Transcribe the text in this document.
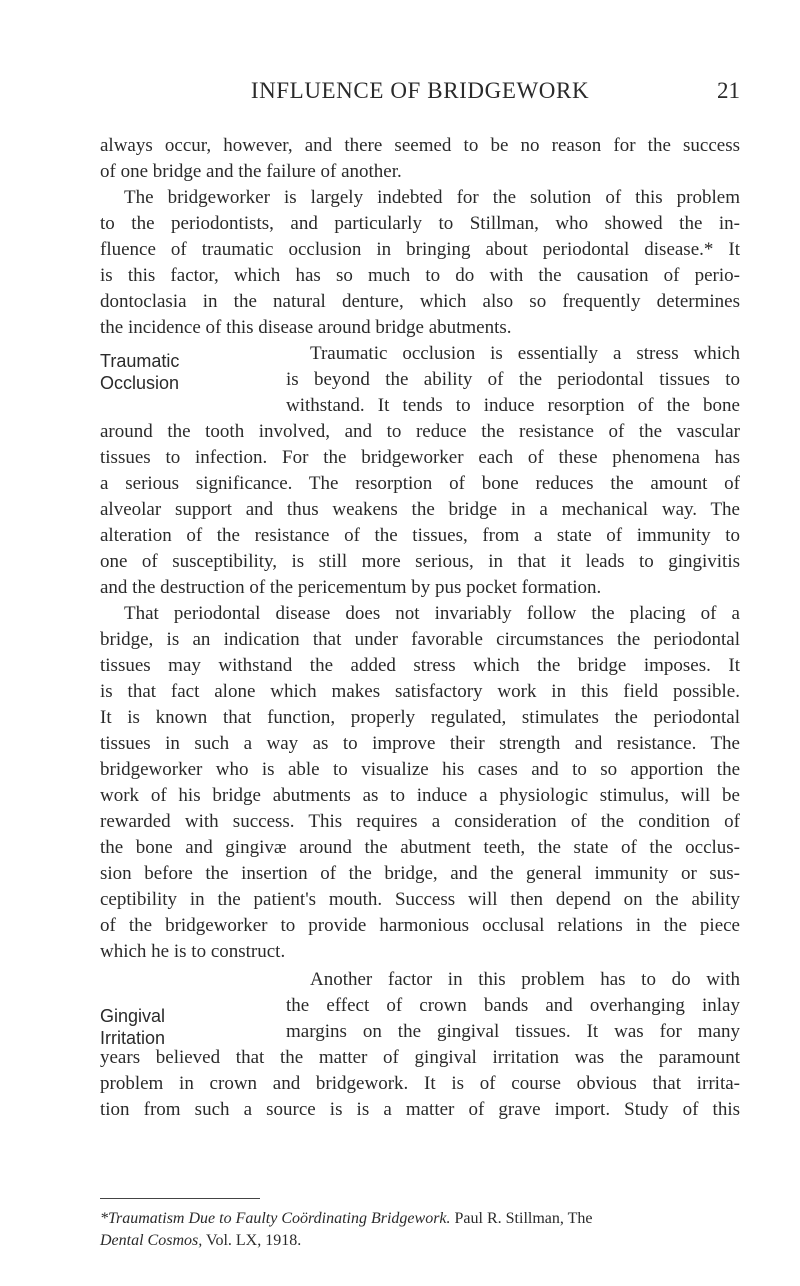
INFLUENCE OF BRIDGEWORK	21
always occur, however, and there seemed to be no reason for the success
of one bridge and the failure of another.
The bridgeworker is largely indebted for the solution of this problem
to the periodontists, and particularly to Stillman, who showed the in-
fluence of traumatic occlusion in bringing about periodontal disease.* It
is this factor, which has so much to do with the causation of perio-
dontoclasia in the natural denture, which also so frequently determines
the incidence of this disease around bridge abutments.
Traumatic
Occlusion
Traumatic occlusion is essentially a stress which
is beyond the ability of the periodontal tissues to
withstand. It tends to induce resorption of the bone
around the tooth involved, and to reduce the resistance of the vascular
tissues to infection. For the bridgeworker each of these phenomena has
a serious significance. The resorption of bone reduces the amount of
alveolar support and thus weakens the bridge in a mechanical way. The
alteration of the resistance of the tissues, from a state of immunity to
one of susceptibility, is still more serious, in that it leads to gingivitis
and the destruction of the pericementum by pus pocket formation.
That periodontal disease does not invariably follow the placing of a
bridge, is an indication that under favorable circumstances the periodontal
tissues may withstand the added stress which the bridge imposes. It
is that fact alone which makes satisfactory work in this field possible.
It is known that function, properly regulated, stimulates the periodontal
tissues in such a way as to improve their strength and resistance. The
bridgeworker who is able to visualize his cases and to so apportion the
work of his bridge abutments as to induce a physiologic stimulus, will be
rewarded with success. This requires a consideration of the condition of
the bone and gingivæ around the abutment teeth, the state of the occlus-
sion before the insertion of the bridge, and the general immunity or sus-
ceptibility in the patient's mouth. Success will then depend on the ability
of the bridgeworker to provide harmonious occlusal relations in the piece
which he is to construct.
Gingival
Irritation
Another factor in this problem has to do with
the effect of crown bands and overhanging inlay
margins on the gingival tissues. It was for many
years believed that the matter of gingival irritation was the paramount
problem in crown and bridgework. It is of course obvious that irrita-
tion from such a source is is a matter of grave import. Study of this
*Traumatism Due to Faulty Coördinating Bridgework. Paul R. Stillman, The
Dental Cosmos, Vol. LX, 1918.
